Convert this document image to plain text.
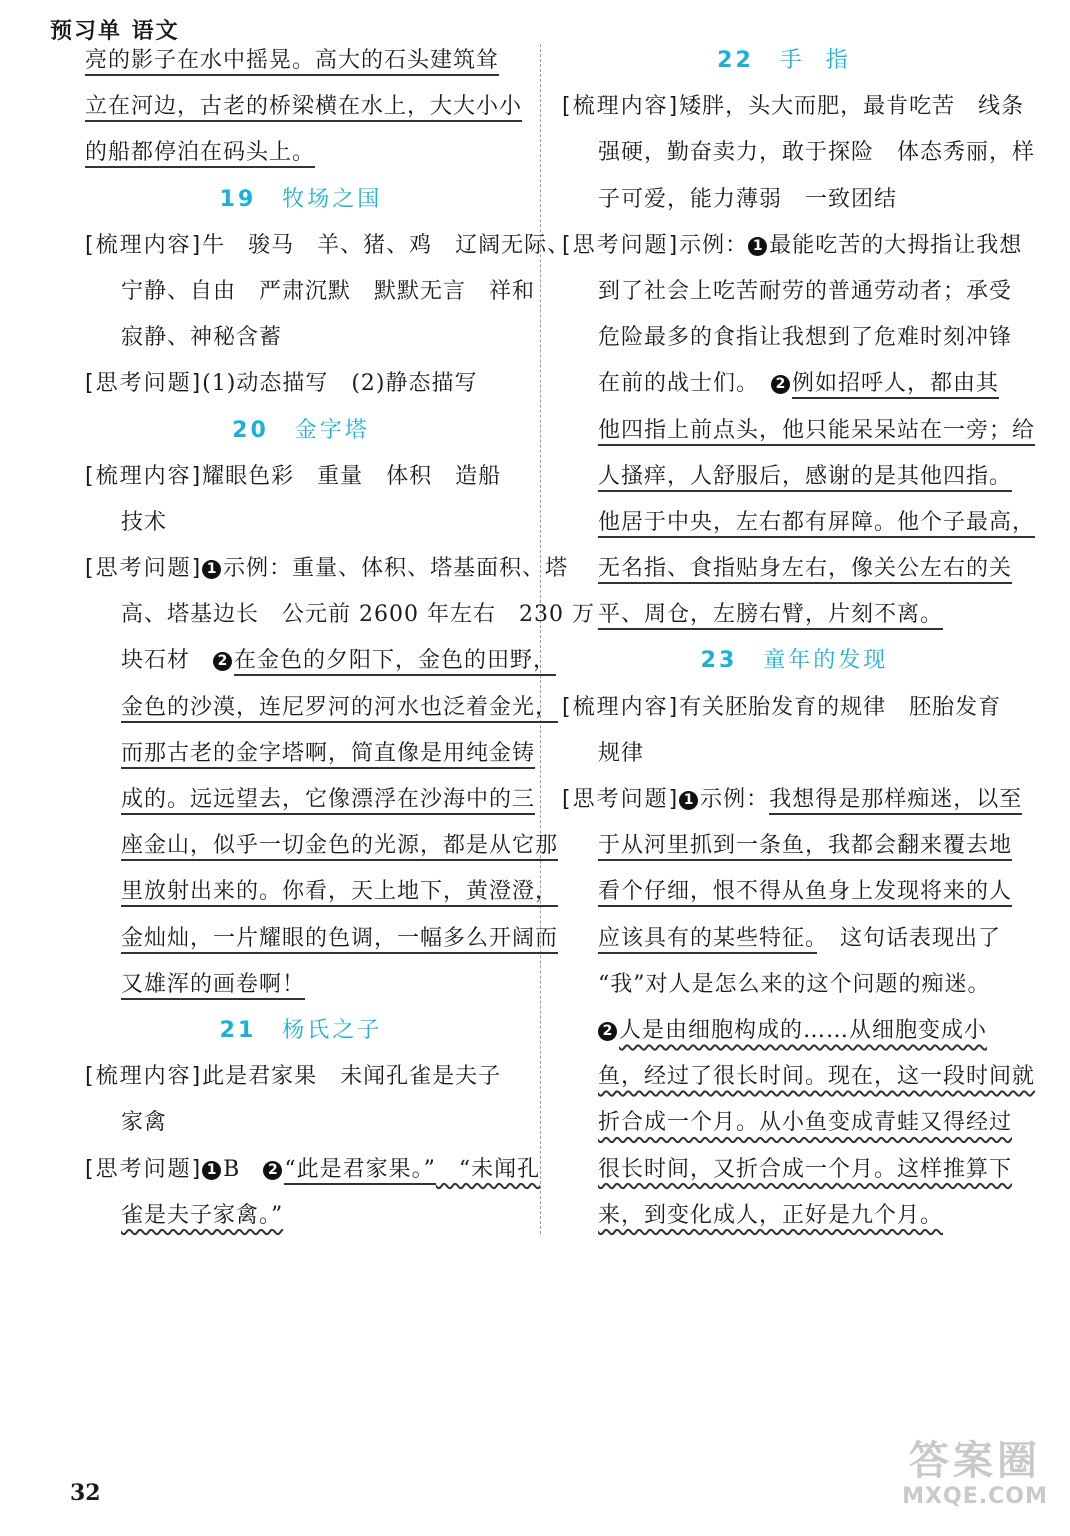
预习单 语文
亮的影子在水中摇晃。高大的石头建筑耸
立在河边，古老的桥梁横在水上，大大小小
的船都停泊在码头上。
19 牧场之国
[梳理内容]牛　骏马　羊、猪、鸡　辽阔无际、
宁静、自由　严肃沉默　默默无言　祥和
寂静、神秘含蓄
[思考问题](1)动态描写　(2)静态描写
20 金字塔
[梳理内容]耀眼色彩　重量　体积　造船
技术
[思考问题] 1 示例：重量、体积、塔基面积、塔
高、塔基边长　公元前 2600 年左右　230 万
块石材　2 在金色的夕阳下，金色的田野，
金色的沙漠，连尼罗河的河水也泛着金光，
而那古老的金字塔啊，简直像是用纯金铸
成的。远远望去，它像漂浮在沙海中的三
座金山，似乎一切金色的光源，都是从它那
里放射出来的。你看，天上地下，黄澄澄，
金灿灿，一片耀眼的色调，一幅多么开阔而
又雄浑的画卷啊！
21 杨氏之子
[梳理内容]此是君家果　未闻孔雀是夫子
家禽
[思考问题] 1 B　2 “此是君家果。”　“未闻孔
雀是夫子家禽。”
22 手指
[梳理内容]矮胖，头大而肥，最肯吃苦　线条
强硬，勤奋卖力，敢于探险　体态秀丽，样
子可爱，能力薄弱　一致团结
[思考问题]示例： 1 最能吃苦的大拇指让我想
到了社会上吃苦耐劳的普通劳动者；承受
危险最多的食指让我想到了危难时刻冲锋
在前的战士们。　2 例如招呼人，都由其
他四指上前点头，他只能呆呆站在一旁；给
人搔痒，人舒服后，感谢的是其他四指。
他居于中央，左右都有屏障。他个子最高，
无名指、食指贴身左右，像关公左右的关
平、周仓，左膀右臂，片刻不离。
23 童年的发现
[梳理内容]有关胚胎发育的规律　胚胎发育
规律
[思考问题] 1 示例：我想得是那样痴迷，以至
于从河里抓到一条鱼，我都会翻来覆去地
看个仔细，恨不得从鱼身上发现将来的人
应该具有的某些特征。　这句话表现出了
“我”对人是怎么来的这个问题的痴迷。
2 人是由细胞构成的……从细胞变成小
鱼，经过了很长时间。现在，这一段时间就
折合成一个月。从小鱼变成青蛙又得经过
很长时间，又折合成一个月。这样推算下
来，到变化成人，正好是九个月。
32
答案圈
MXQE.COM
